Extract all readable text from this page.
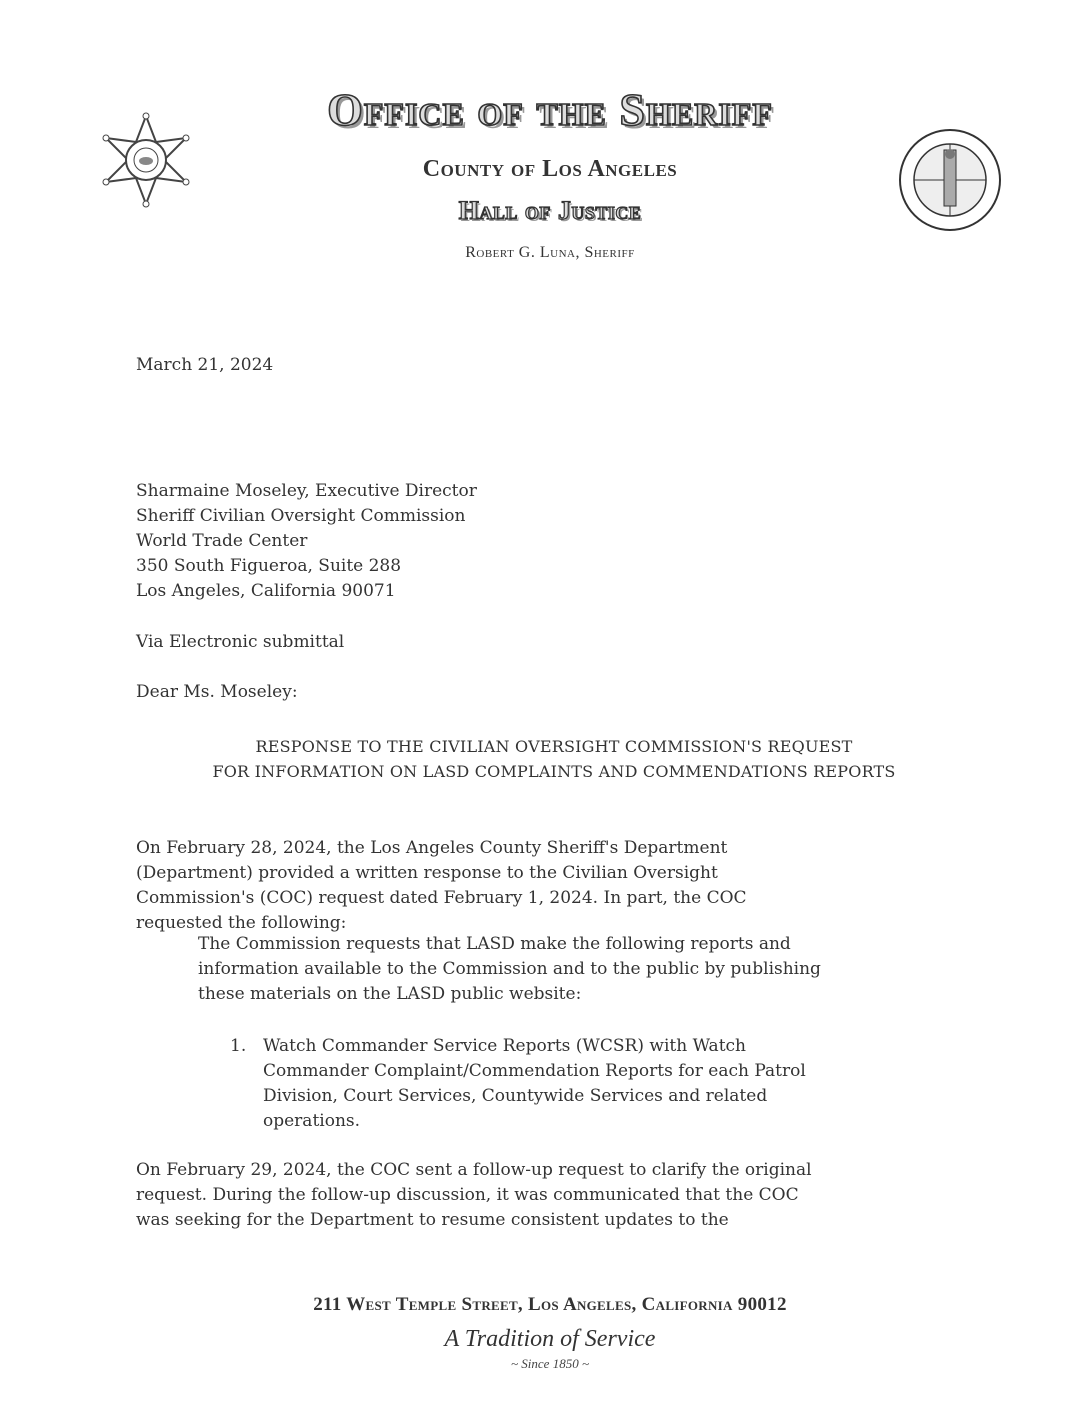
Office of the Sheriff
County of Los Angeles
Hall of Justice
Robert G. Luna, Sheriff
March 21, 2024

Sharmaine Moseley, Executive Director

Sheriff Civilian Oversight Commission

World Trade Center

350 South Figueroa, Suite 288

Los Angeles, California 90071

Via Electronic submittal
Dear Ms. Moseley:

RESPONSE TO THE CIVILIAN OVERSIGHT COMMISSION'S REQUEST

FOR INFORMATION ON LASD COMPLAINTS AND COMMENDATIONS REPORTS

On February 28, 2024, the Los Angeles County Sheriff's Department

(Department) provided a written response to the Civilian Oversight

Commission's (COC) request dated February 1, 2024. In part, the COC

requested the following:

The Commission requests that LASD make the following reports and

information available to the Commission and to the public by publishing

these materials on the LASD public website:

1. Watch Commander Service Reports (WCSR) with Watch

Commander Complaint/Commendation Reports for each Patrol

Division, Court Services, Countywide Services and related

operations.

On February 29, 2024, the COC sent a follow-up request to clarify the original

request. During the follow-up discussion, it was communicated that the COC

was seeking for the Department to resume consistent updates to the

211 West Temple Street, Los Angeles, California 90012
A Tradition of Service
~ Since 1850 ~
